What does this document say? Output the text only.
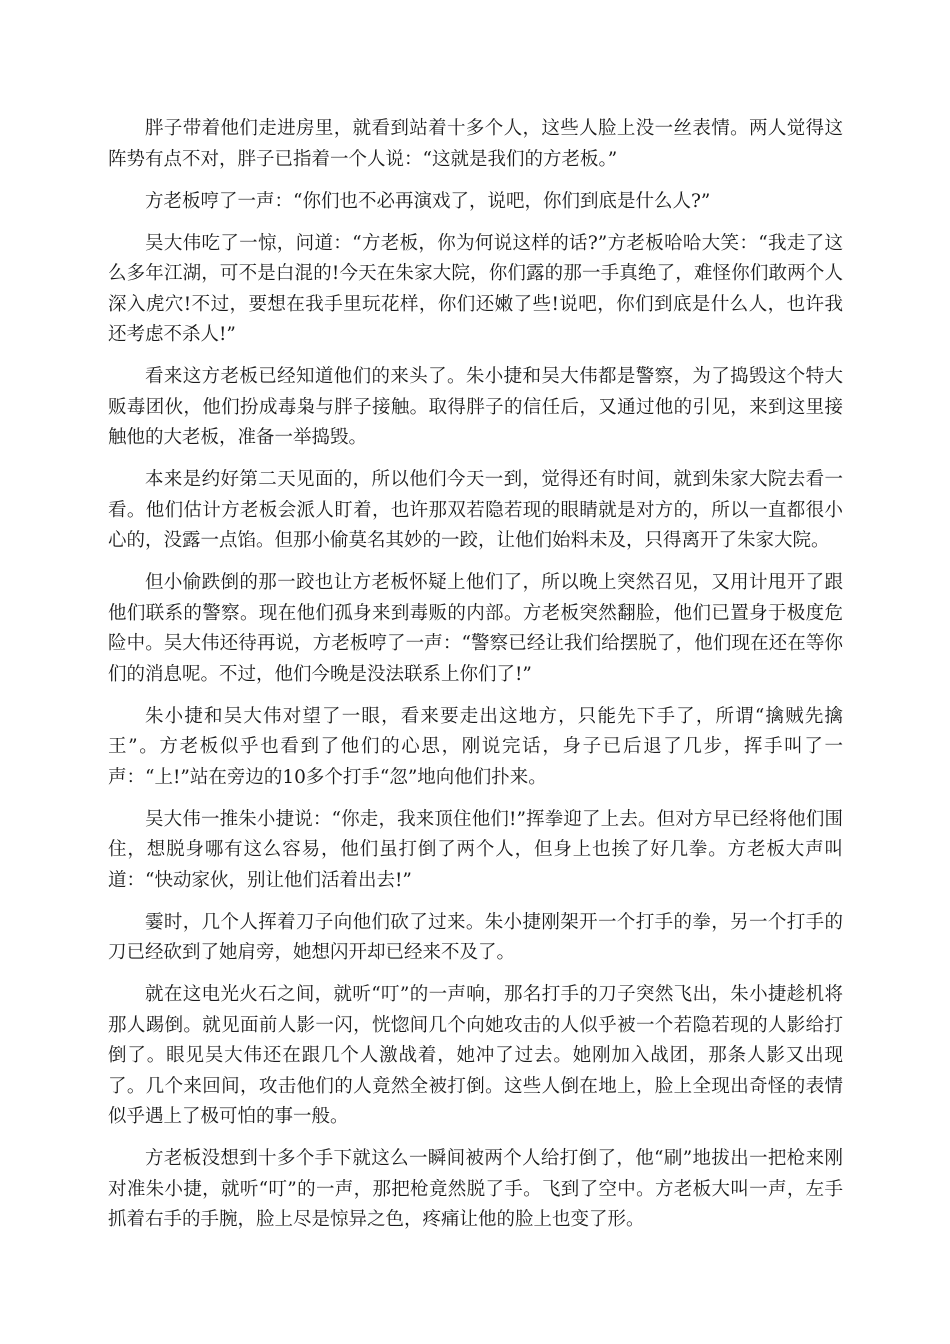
胖子带着他们走进房里，就看到站着十多个人，这些人脸上没一丝表情。两人觉得这阵势有点不对，胖子已指着一个人说：“这就是我们的方老板。”

方老板哼了一声：“你们也不必再演戏了，说吧，你们到底是什么人?”

吴大伟吃了一惊，问道：“方老板，你为何说这样的话?”方老板哈哈大笑：“我走了这么多年江湖，可不是白混的!今天在朱家大院，你们露的那一手真绝了，难怪你们敢两个人深入虎穴!不过，要想在我手里玩花样，你们还嫩了些!说吧，你们到底是什么人，也许我还考虑不杀人!”

看来这方老板已经知道他们的来头了。朱小捷和吴大伟都是警察，为了捣毁这个特大贩毒团伙，他们扮成毒枭与胖子接触。取得胖子的信任后，又通过他的引见，来到这里接触他的大老板，准备一举捣毁。

本来是约好第二天见面的，所以他们今天一到，觉得还有时间，就到朱家大院去看一看。他们估计方老板会派人盯着，也许那双若隐若现的眼睛就是对方的，所以一直都很小心的，没露一点馅。但那小偷莫名其妙的一跤，让他们始料未及，只得离开了朱家大院。

但小偷跌倒的那一跤也让方老板怀疑上他们了，所以晚上突然召见，又用计甩开了跟他们联系的警察。现在他们孤身来到毒贩的内部。方老板突然翻脸，他们已置身于极度危险中。吴大伟还待再说，方老板哼了一声：“警察已经让我们给摆脱了，他们现在还在等你们的消息呢。不过，他们今晚是没法联系上你们了!”

朱小捷和吴大伟对望了一眼，看来要走出这地方，只能先下手了，所谓“擒贼先擒王”。方老板似乎也看到了他们的心思，刚说完话，身子已后退了几步，挥手叫了一声：“上!”站在旁边的10多个打手“忽”地向他们扑来。

吴大伟一推朱小捷说：“你走，我来顶住他们!”挥拳迎了上去。但对方早已经将他们围住，想脱身哪有这么容易，他们虽打倒了两个人，但身上也挨了好几拳。方老板大声叫道：“快动家伙，别让他们活着出去!”

霎时，几个人挥着刀子向他们砍了过来。朱小捷刚架开一个打手的拳，另一个打手的刀已经砍到了她肩旁，她想闪开却已经来不及了。

就在这电光火石之间，就听“叮”的一声响，那名打手的刀子突然飞出，朱小捷趁机将那人踢倒。就见面前人影一闪，恍惚间几个向她攻击的人似乎被一个若隐若现的人影给打倒了。眼见吴大伟还在跟几个人激战着，她冲了过去。她刚加入战团，那条人影又出现了。几个来回间，攻击他们的人竟然全被打倒。这些人倒在地上，脸上全现出奇怪的表情似乎遇上了极可怕的事一般。

方老板没想到十多个手下就这么一瞬间被两个人给打倒了，他“刷”地拔出一把枪来刚对准朱小捷，就听“叮”的一声，那把枪竟然脱了手。飞到了空中。方老板大叫一声，左手抓着右手的手腕，脸上尽是惊异之色，疼痛让他的脸上也变了形。
